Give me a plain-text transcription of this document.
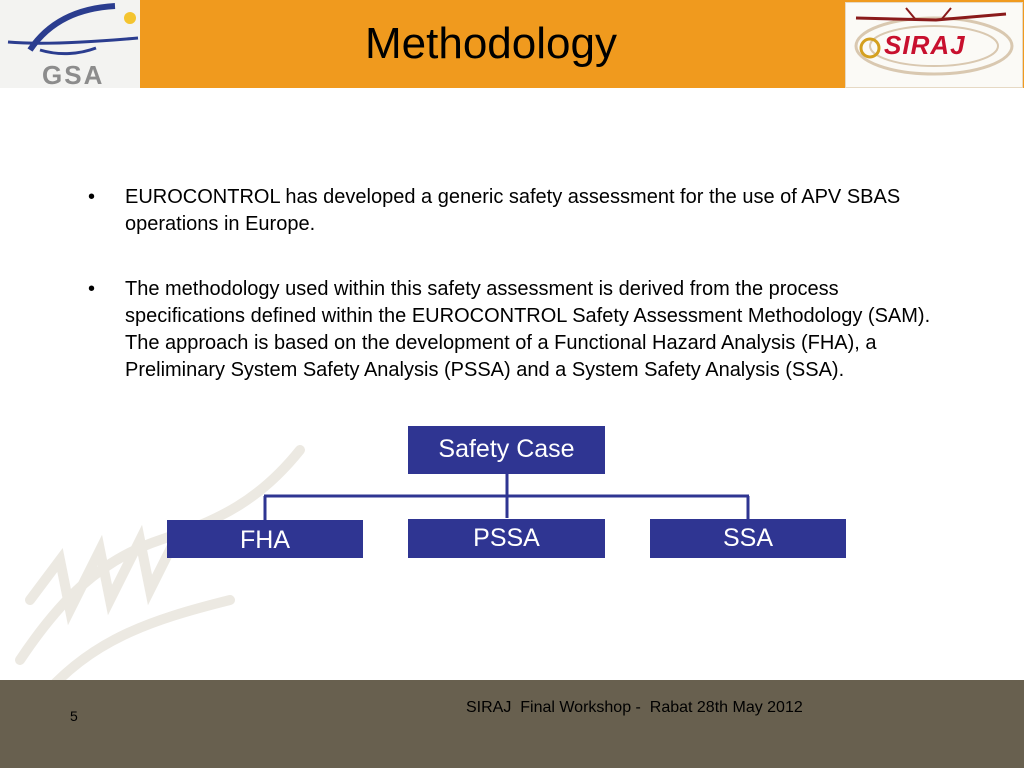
GSA
SIRAJ
Methodology
• EUROCONTROL has developed a generic safety assessment for the use of APV SBAS operations in Europe.
• The methodology used within this safety assessment is derived from the process specifications defined within the EUROCONTROL Safety Assessment Methodology (SAM). The approach is based on the development of a Functional Hazard Analysis (FHA), a Preliminary System Safety Analysis (PSSA) and a System Safety Analysis (SSA).
Safety Case
FHA	PSSA	SSA
SIRAJ  Final Workshop -  Rabat 28th May 2012
5
